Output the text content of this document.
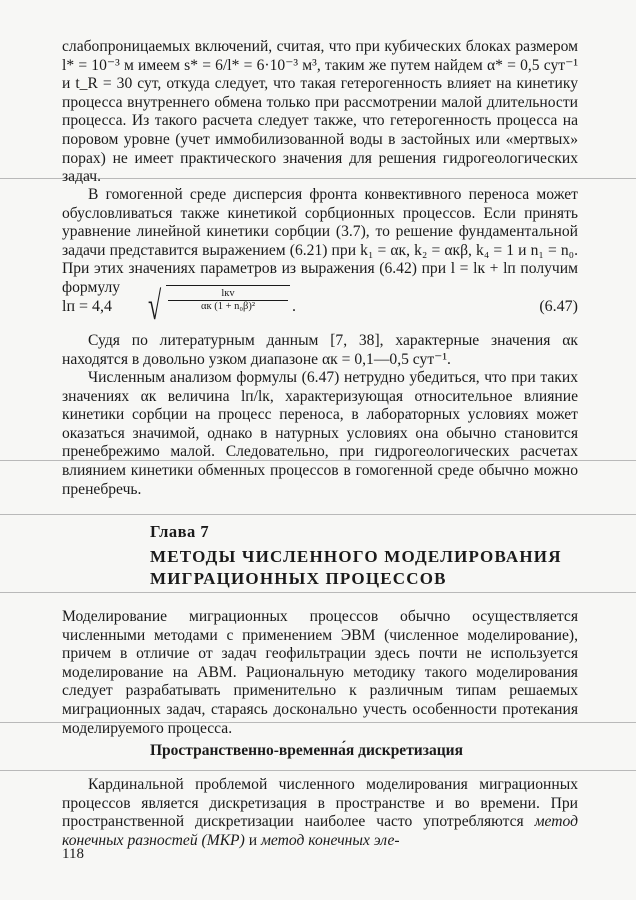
слабопроницаемых включений, считая, что при кубических блоках размером l* = 10⁻³ м имеем s* = 6/l* = 6·10⁻³ м³, таким же путем найдем α* = 0,5 сут⁻¹ и t_R = 30 сут, откуда следует, что такая гетерогенность влияет на кинетику процесса внутреннего обмена только при рассмотрении малой длительности процесса. Из такого расчета следует также, что гетерогенность процесса на поровом уровне (учет иммобилизованной воды в застойных или «мертвых» порах) не имеет практического значения для решения гидрогеологических задач.

В гомогенной среде дисперсия фронта конвективного переноса может обусловливаться также кинетикой сорбционных процессов. Если принять уравнение линейной кинетики сорбции (3.7), то решение фундаментальной задачи представится выражением (6.21) при k₁ = αк, k₂ = αкβ, k₄ = 1 и n₁ = n₀. При этих значениях параметров из выражения (6.42) при l = lк + lп получим формулу

lп = 4,4 √	lкv
αк (1 + n₀β)²	.	(6.47)

Судя по литературным данным [7, 38], характерные значения αк находятся в довольно узком диапазоне αк = 0,1—0,5 сут⁻¹.

Численным анализом формулы (6.47) нетрудно убедиться, что при таких значениях αк величина lп/lк, характеризующая относительное влияние кинетики сорбции на процесс переноса, в лабораторных условиях может оказаться значимой, однако в натурных условиях она обычно становится пренебрежимо малой. Следовательно, при гидрогеологических расчетах влиянием кинетики обменных процессов в гомогенной среде обычно можно пренебречь.

Глава 7
МЕТОДЫ ЧИСЛЕННОГО МОДЕЛИРОВАНИЯ
МИГРАЦИОННЫХ ПРОЦЕССОВ

Моделирование миграционных процессов обычно осуществляется численными методами с применением ЭВМ (численное моделирование), причем в отличие от задач геофильтрации здесь почти не используется моделирование на АВМ. Рациональную методику такого моделирования следует разрабатывать применительно к различным типам решаемых миграционных задач, стараясь досконально учесть особенности протекания моделируемого процесса.

Пространственно-временна́я дискретизация

Кардинальной проблемой численного моделирования миграционных процессов является дискретизация в пространстве и во времени. При пространственной дискретизации наиболее часто употребляются метод конечных разностей (МКР) и метод конечных эле-

118
